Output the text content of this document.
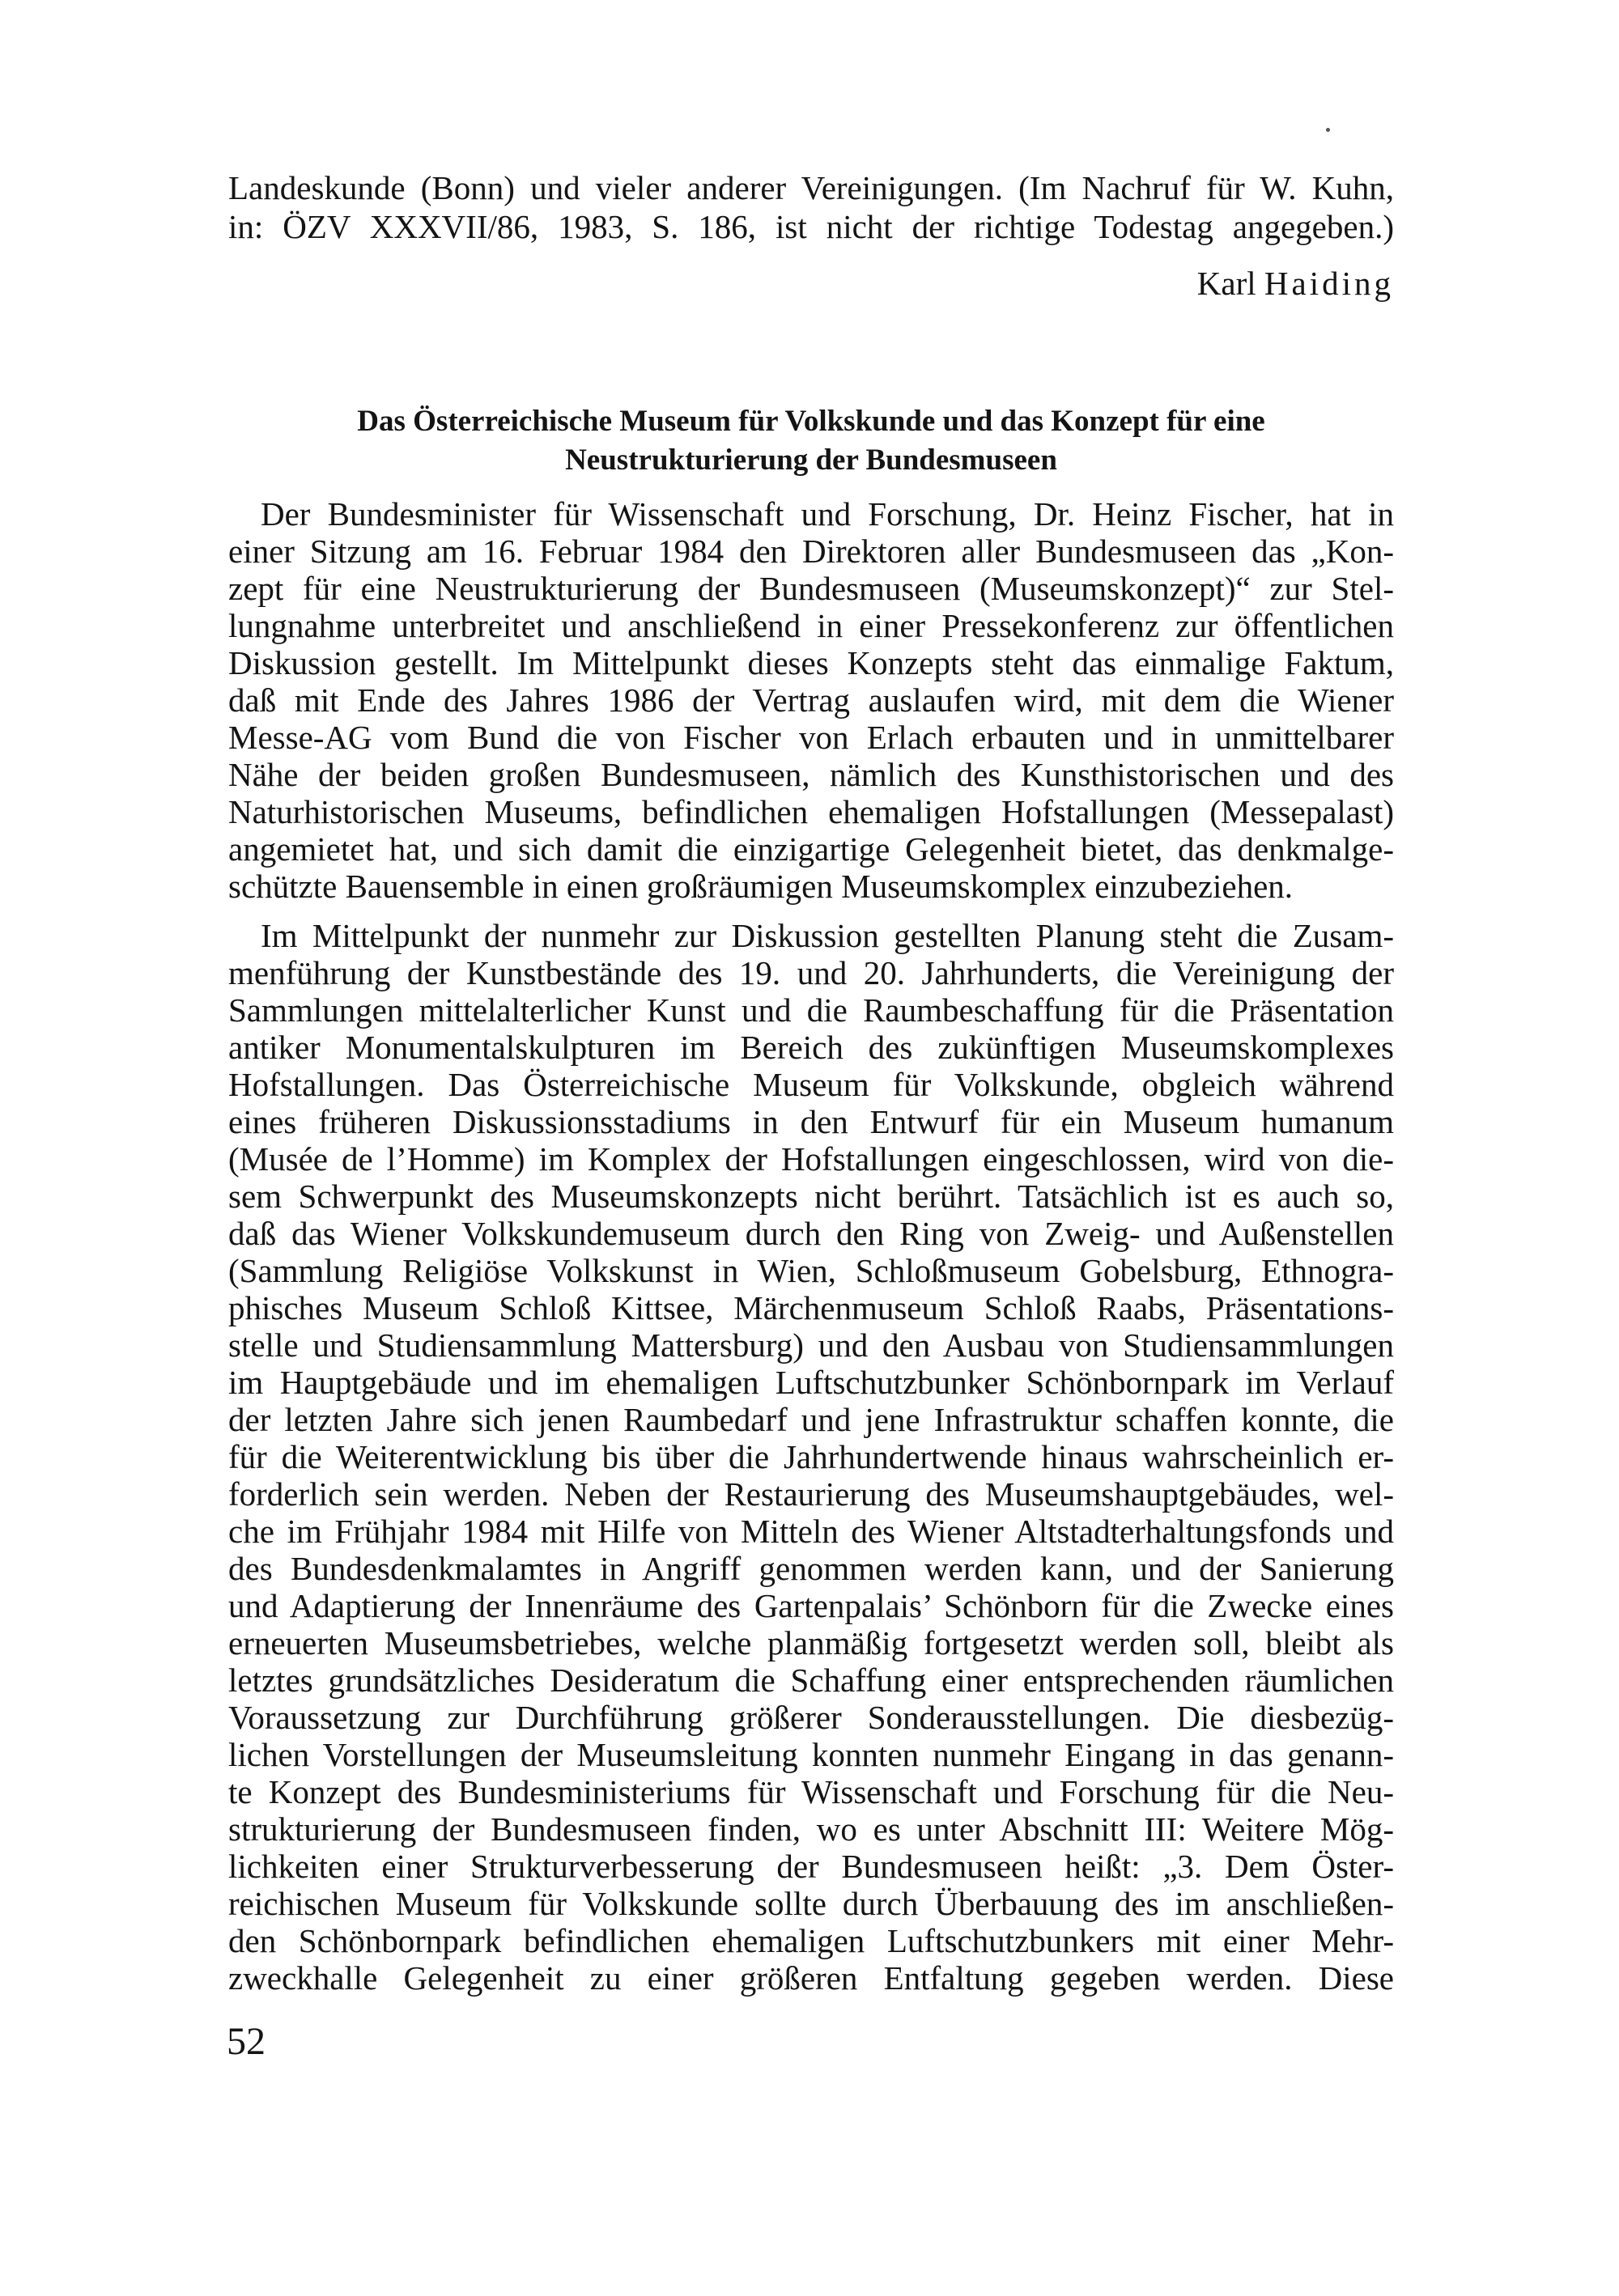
Landeskunde (Bonn) und vieler anderer Vereinigungen. (Im Nachruf für W. Kuhn,
in: ÖZV XXXVII/86, 1983, S. 186, ist nicht der richtige Todestag angegeben.)
Karl Haiding
Das Österreichische Museum für Volkskunde und das Konzept für eine
Neustrukturierung der Bundesmuseen
Der Bundesminister für Wissenschaft und Forschung, Dr. Heinz Fischer, hat in
einer Sitzung am 16. Februar 1984 den Direktoren aller Bundesmuseen das „Kon-
zept für eine Neustrukturierung der Bundesmuseen (Museumskonzept)“ zur Stel-
lungnahme unterbreitet und anschließend in einer Pressekonferenz zur öffentlichen
Diskussion gestellt. Im Mittelpunkt dieses Konzepts steht das einmalige Faktum,
daß mit Ende des Jahres 1986 der Vertrag auslaufen wird, mit dem die Wiener
Messe-AG vom Bund die von Fischer von Erlach erbauten und in unmittelbarer
Nähe der beiden großen Bundesmuseen, nämlich des Kunsthistorischen und des
Naturhistorischen Museums, befindlichen ehemaligen Hofstallungen (Messepalast)
angemietet hat, und sich damit die einzigartige Gelegenheit bietet, das denkmalge-
schützte Bauensemble in einen großräumigen Museumskomplex einzubeziehen.
Im Mittelpunkt der nunmehr zur Diskussion gestellten Planung steht die Zusam-
menführung der Kunstbestände des 19. und 20. Jahrhunderts, die Vereinigung der
Sammlungen mittelalterlicher Kunst und die Raumbeschaffung für die Präsentation
antiker Monumentalskulpturen im Bereich des zukünftigen Museumskomplexes
Hofstallungen. Das Österreichische Museum für Volkskunde, obgleich während
eines früheren Diskussionsstadiums in den Entwurf für ein Museum humanum
(Musée de l’Homme) im Komplex der Hofstallungen eingeschlossen, wird von die-
sem Schwerpunkt des Museumskonzepts nicht berührt. Tatsächlich ist es auch so,
daß das Wiener Volkskundemuseum durch den Ring von Zweig- und Außenstellen
(Sammlung Religiöse Volkskunst in Wien, Schloßmuseum Gobelsburg, Ethnogra-
phisches Museum Schloß Kittsee, Märchenmuseum Schloß Raabs, Präsentations-
stelle und Studiensammlung Mattersburg) und den Ausbau von Studiensammlungen
im Hauptgebäude und im ehemaligen Luftschutzbunker Schönbornpark im Verlauf
der letzten Jahre sich jenen Raumbedarf und jene Infrastruktur schaffen konnte, die
für die Weiterentwicklung bis über die Jahrhundertwende hinaus wahrscheinlich er-
forderlich sein werden. Neben der Restaurierung des Museumshauptgebäudes, wel-
che im Frühjahr 1984 mit Hilfe von Mitteln des Wiener Altstadterhaltungsfonds und
des Bundesdenkmalamtes in Angriff genommen werden kann, und der Sanierung
und Adaptierung der Innenräume des Gartenpalais’ Schönborn für die Zwecke eines
erneuerten Museumsbetriebes, welche planmäßig fortgesetzt werden soll, bleibt als
letztes grundsätzliches Desideratum die Schaffung einer entsprechenden räumlichen
Voraussetzung zur Durchführung größerer Sonderausstellungen. Die diesbezüg-
lichen Vorstellungen der Museumsleitung konnten nunmehr Eingang in das genann-
te Konzept des Bundesministeriums für Wissenschaft und Forschung für die Neu-
strukturierung der Bundesmuseen finden, wo es unter Abschnitt III: Weitere Mög-
lichkeiten einer Strukturverbesserung der Bundesmuseen heißt: „3. Dem Öster-
reichischen Museum für Volkskunde sollte durch Überbauung des im anschließen-
den Schönbornpark befindlichen ehemaligen Luftschutzbunkers mit einer Mehr-
zweckhalle Gelegenheit zu einer größeren Entfaltung gegeben werden. Diese
52
